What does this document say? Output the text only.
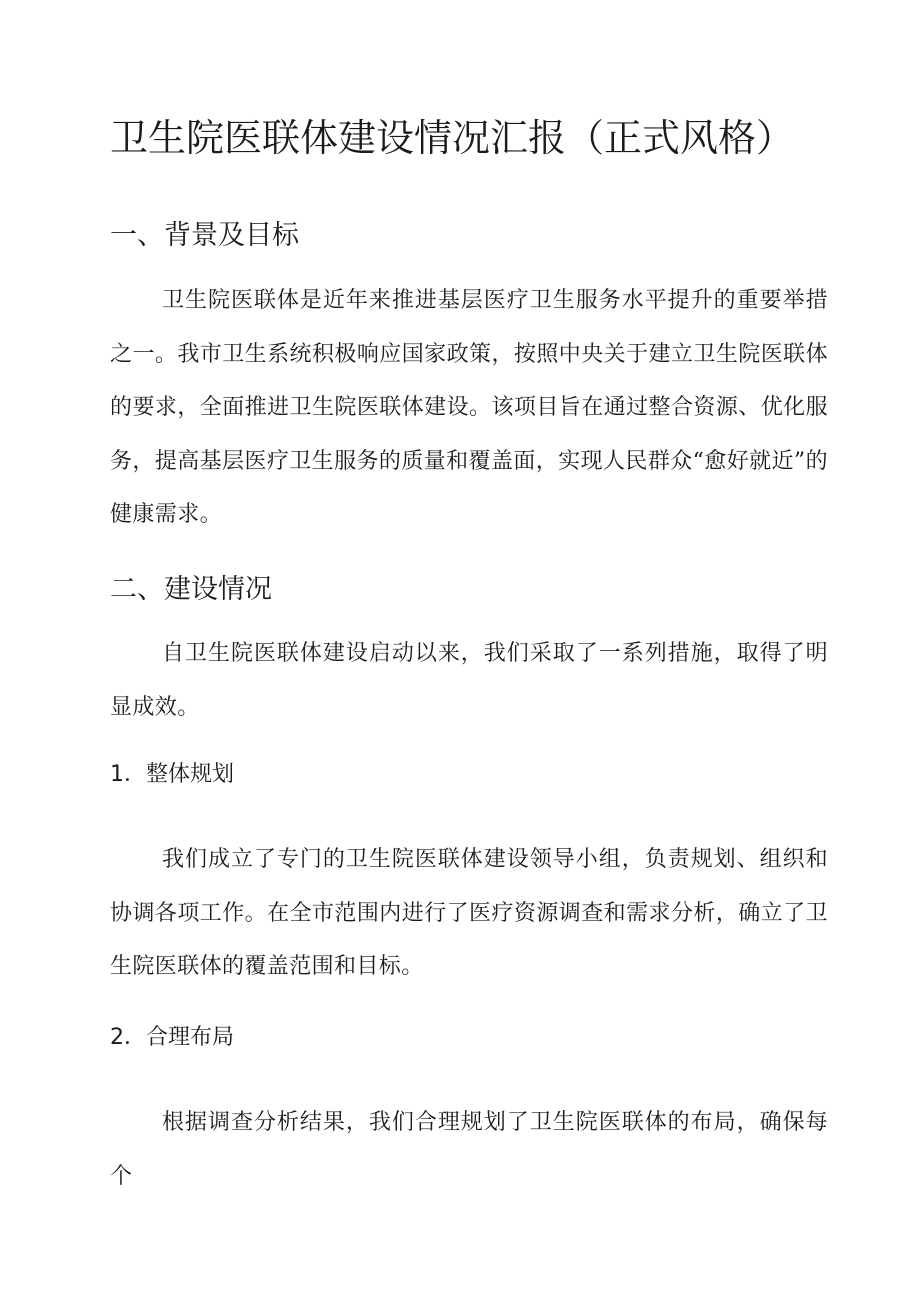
卫生院医联体建设情况汇报（正式风格）
一、背景及目标
卫生院医联体是近年来推进基层医疗卫生服务水平提升的重要举措之一。我市卫生系统积极响应国家政策，按照中央关于建立卫生院医联体的要求，全面推进卫生院医联体建设。该项目旨在通过整合资源、优化服务，提高基层医疗卫生服务的质量和覆盖面，实现人民群众“愈好就近”的健康需求。
二、建设情况
自卫生院医联体建设启动以来，我们采取了一系列措施，取得了明显成效。
1．整体规划
我们成立了专门的卫生院医联体建设领导小组，负责规划、组织和协调各项工作。在全市范围内进行了医疗资源调查和需求分析，确立了卫生院医联体的覆盖范围和目标。
2．合理布局
根据调查分析结果，我们合理规划了卫生院医联体的布局，确保每个
